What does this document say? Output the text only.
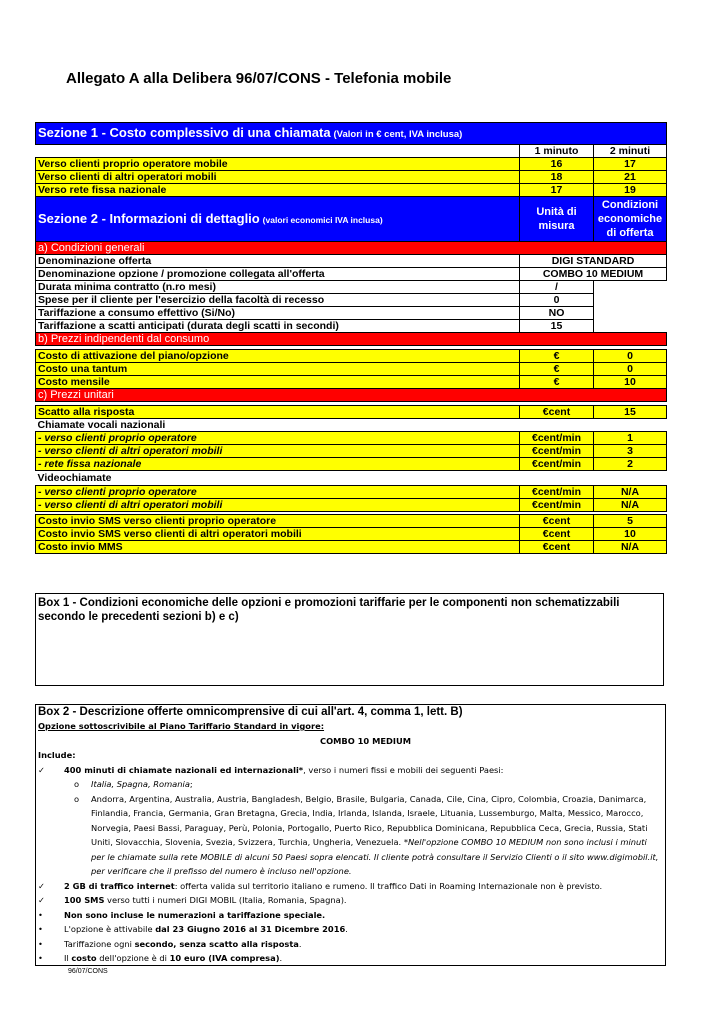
Allegato A alla Delibera 96/07/CONS - Telefonia mobile
Sezione 1 - Costo complessivo di una chiamata (Valori in € cent, IVA inclusa)		
	1 minuto	2 minuti
Verso clienti proprio operatore mobile	16	17
Verso clienti di altri operatori mobili	18	21
Verso rete fissa nazionale	17	19
Sezione 2 - Informazioni di dettaglio (valori economici IVA inclusa)	Unità di misura	Condizioni economiche di offerta
a) Condizioni generali		
Denominazione offerta	DIGI STANDARD	
Denominazione opzione / promozione collegata all'offerta	COMBO 10 MEDIUM	
Durata minima contratto (n.ro mesi)	/	
Spese per il cliente per l'esercizio della facoltà di recesso	0	
Tariffazione a consumo effettivo (Si/No)	NO	
Tariffazione a scatti anticipati (durata degli scatti in secondi)	15	
b) Prezzi indipendenti dal consumo		

Costo di attivazione del piano/opzione	€	0
Costo una tantum	€	0
Costo mensile	€	10
c) Prezzi unitari		

Scatto alla risposta	€cent	15
Chiamate vocali nazionali		
- verso clienti proprio operatore	€cent/min	1
- verso clienti di altri operatori mobili	€cent/min	3
- rete fissa nazionale	€cent/min	2
Videochiamate		
- verso clienti proprio operatore	€cent/min	N/A
- verso clienti di altri operatori mobili	€cent/min	N/A

Costo invio SMS verso clienti proprio operatore	€cent	5
Costo invio SMS verso clienti di altri operatori mobili	€cent	10
Costo invio MMS	€cent	N/A
Box 1 - Condizioni economiche delle opzioni e promozioni tariffarie per le componenti non schematizzabili secondo le precedenti sezioni b) e c)
Box 2 - Descrizione offerte omnicomprensive di cui all'art. 4, comma 1, lett. B)
Opzione sottoscrivibile al Piano Tariffario Standard in vigore:
COMBO 10 MEDIUM
Include:
✓ 400 minuti di chiamate nazionali ed internazionali*, verso i numeri fissi e mobili dei seguenti Paesi:
o Italia, Spagna, Romania;
o Andorra, Argentina, Australia, Austria, Bangladesh, Belgio, Brasile, Bulgaria, Canada, Cile, Cina, Cipro, Colombia, Croazia, Danimarca, Finlandia, Francia, Germania, Gran Bretagna, Grecia, India, Irlanda, Islanda, Israele, Lituania, Lussemburgo, Malta, Messico, Marocco, Norvegia, Paesi Bassi, Paraguay, Perù, Polonia, Portogallo, Puerto Rico, Repubblica Dominicana, Repubblica Ceca, Grecia, Russia, Stati Uniti, Slovacchia, Slovenia, Svezia, Svizzera, Turchia, Ungheria, Venezuela. *Nell'opzione COMBO 10 MEDIUM non sono inclusi i minuti per le chiamate sulla rete MOBILE di alcuni 50 Paesi sopra elencati. Il cliente potrà consultare il Servizio Clienti o il sito www.digimobil.it, per verificare che il prefisso del numero è incluso nell'opzione.
✓ 2 GB di traffico internet: offerta valida sul territorio italiano e rumeno. Il traffico Dati in Roaming Internazionale non è previsto.
✓ 100 SMS verso tutti i numeri DIGI MOBIL (Italia, Romania, Spagna).
•	Non sono incluse le numerazioni a tariffazione speciale.
•	L'opzione è attivabile dal 23 Giugno 2016 al 31 Dicembre 2016.
•	Tariffazione ogni secondo, senza scatto alla risposta.
•	Il costo dell'opzione è di 10 euro (IVA compresa).
96/07/CONS
